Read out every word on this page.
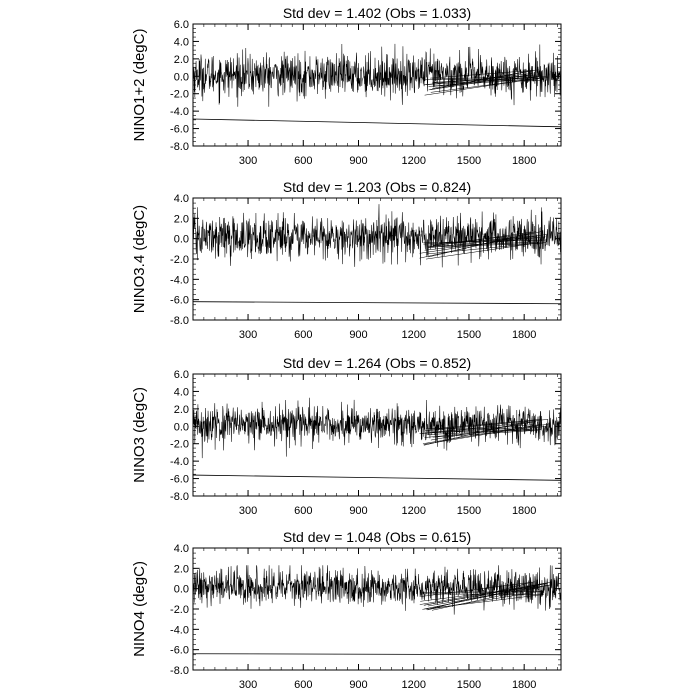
Std dev = 1.402 (Obs = 1.033)
NINO1+2 (degC)
-8.0
-6.0
-4.0
-2.0
0.0
2.0
4.0
6.0
300	600	900	1200	1500	1800
Std dev = 1.203 (Obs = 0.824)
NINO3.4 (degC)
-8.0
-6.0
-4.0
-2.0
0.0
2.0
4.0
300	600	900	1200	1500	1800
Std dev = 1.264 (Obs = 0.852)
NINO3 (degC)
-8.0
-6.0
-4.0
-2.0
0.0
2.0
4.0
6.0
300	600	900	1200	1500	1800
Std dev = 1.048 (Obs = 0.615)
NINO4 (degC)
-8.0
-6.0
-4.0
-2.0
0.0
2.0
4.0
300	600	900	1200	1500	1800
